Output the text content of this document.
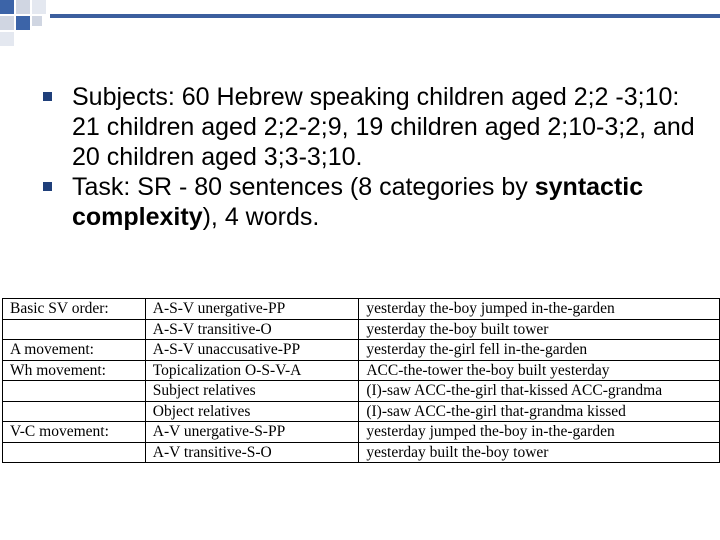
Subjects: 60 Hebrew speaking children aged 2;2 -3;10: 21 children aged 2;2-2;9, 19 children aged 2;10-3;2, and 20 children aged 3;3-3;10.
Task: SR - 80 sentences (8 categories by syntactic complexity), 4 words.
Basic SV order:	A-S-V unergative-PP	yesterday the-boy jumped in-the-garden
	A-S-V transitive-O	yesterday the-boy built tower
A movement:	A-S-V unaccusative-PP	yesterday the-girl fell in-the-garden
Wh movement:	Topicalization O-S-V-A	ACC-the-tower the-boy built yesterday
	Subject relatives	(I)-saw ACC-the-girl that-kissed ACC-grandma
	Object relatives	(I)-saw ACC-the-girl that-grandma kissed
V-C movement:	A-V unergative-S-PP	yesterday jumped the-boy in-the-garden
	A-V transitive-S-O	yesterday built the-boy tower
